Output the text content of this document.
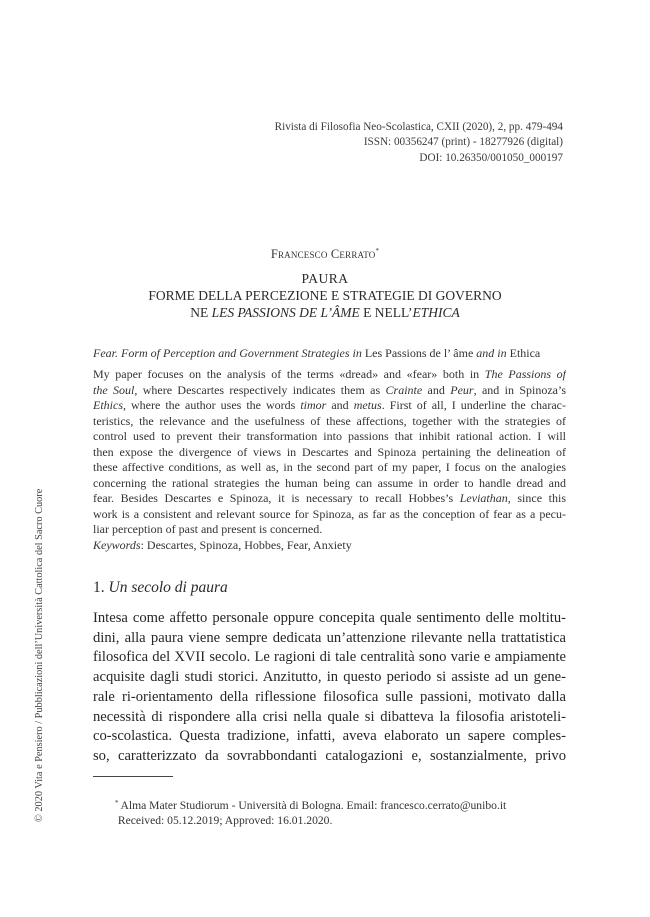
Rivista di Filosofia Neo-Scolastica, CXII (2020), 2, pp. 479-494
ISSN: 00356247 (print) - 18277926 (digital)
DOI: 10.26350/001050_000197
Francesco Cerrato*
PAURA
FORME DELLA PERCEZIONE E STRATEGIE DI GOVERNO
NE LES PASSIONS DE L’ÂME E NELL’ETHICA
Fear. Form of Perception and Government Strategies in Les Passions de l’ âme and in Ethica
My paper focuses on the analysis of the terms «dread» and «fear» both in The Passions of
the Soul, where Descartes respectively indicates them as Crainte and Peur, and in Spinoza’s
Ethics, where the author uses the words timor and metus. First of all, I underline the charac-
teristics, the relevance and the usefulness of these affections, together with the strategies of
control used to prevent their transformation into passions that inhibit rational action. I will
then expose the divergence of views in Descartes and Spinoza pertaining the delineation of
these affective conditions, as well as, in the second part of my paper, I focus on the analogies
concerning the rational strategies the human being can assume in order to handle dread and
fear. Besides Descartes e Spinoza, it is necessary to recall Hobbes’s Leviathan, since this
work is a consistent and relevant source for Spinoza, as far as the conception of fear as a pecu-
liar perception of past and present is concerned.
Keywords: Descartes, Spinoza, Hobbes, Fear, Anxiety
1. Un secolo di paura
Intesa come affetto personale oppure concepita quale sentimento delle moltitu-
dini, alla paura viene sempre dedicata un’attenzione rilevante nella trattatistica
filosofica del XVII secolo. Le ragioni di tale centralità sono varie e ampiamente
acquisite dagli studi storici. Anzitutto, in questo periodo si assiste ad un gene-
rale ri-orientamento della riflessione filosofica sulle passioni, motivato dalla
necessità di rispondere alla crisi nella quale si dibatteva la filosofia aristoteli-
co-scolastica. Questa tradizione, infatti, aveva elaborato un sapere comples-
so, caratterizzato da sovrabbondanti catalogazioni e, sostanzialmente, privo
* Alma Mater Studiorum - Università di Bologna. Email: francesco.cerrato@unibo.it
Received: 05.12.2019; Approved: 16.01.2020.
© 2020 Vita e Pensiero / Pubblicazioni dell’Università Cattolica del Sacro Cuore
